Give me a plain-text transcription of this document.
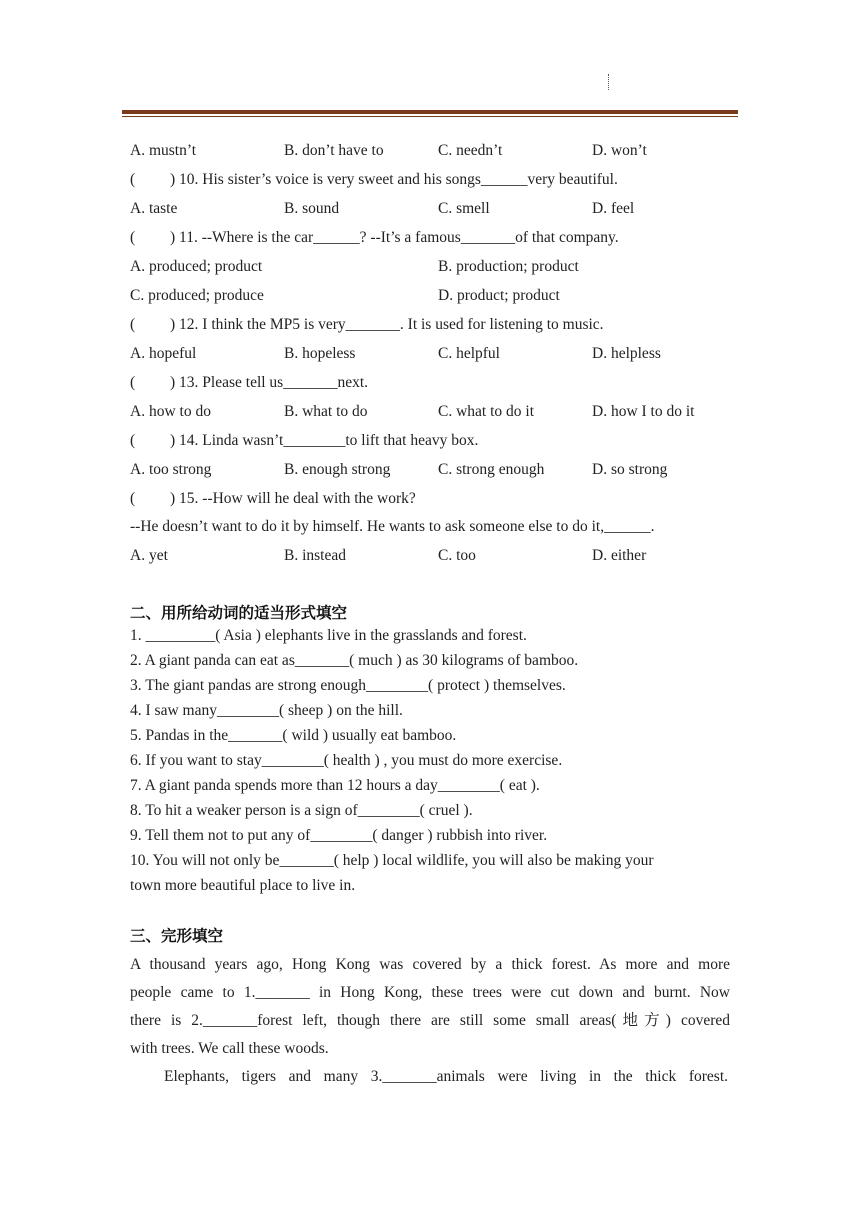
A. mustn’t	B. don’t have to	C. needn’t	D. won’t
( ) 10. His sister’s voice is very sweet and his songs______very beautiful.
A. taste	B. sound	C. smell	D. feel
( ) 11. --Where is the car______? --It’s a famous_______of that company.
A. produced; product	B. production; product
C. produced; produce	D. product; product
( ) 12. I think the MP5 is very_______. It is used for listening to music.
A. hopeful	B. hopeless	C. helpful	D. helpless
( ) 13. Please tell us_______next.
A. how to do	B. what to do	C. what to do it	D. how I to do it
( ) 14. Linda wasn’t________to lift that heavy box.
A. too strong	B. enough strong	C. strong enough	D. so strong
( ) 15. --How will he deal with the work?
--He doesn’t want to do it by himself. He wants to ask someone else to do it,______.
A. yet	B. instead	C. too	D. either
二、用所给动词的适当形式填空
1. _________( Asia ) elephants live in the grasslands and forest.
2. A giant panda can eat as_______( much ) as 30 kilograms of bamboo.
3. The giant pandas are strong enough________( protect ) themselves.
4. I saw many________( sheep ) on the hill.
5. Pandas in the_______( wild ) usually eat bamboo.
6. If you want to stay________( health ) , you must do more exercise.
7. A giant panda spends more than 12 hours a day________( eat ).
8. To hit a weaker person is a sign of________( cruel ).
9. Tell them not to put any of________( danger ) rubbish into river.
10. You will not only be_______( help ) local wildlife, you will also be making your
town more beautiful place to live in.
三、完形填空
A thousand years ago, Hong Kong was covered by a thick forest. As more and more
people came to 1._______ in Hong Kong, these trees were cut down and burnt. Now
there is 2._______forest left, though there are still some small areas(地方) covered
with trees. We call these woods.
Elephants, tigers and many 3._______animals were living in the thick forest.
